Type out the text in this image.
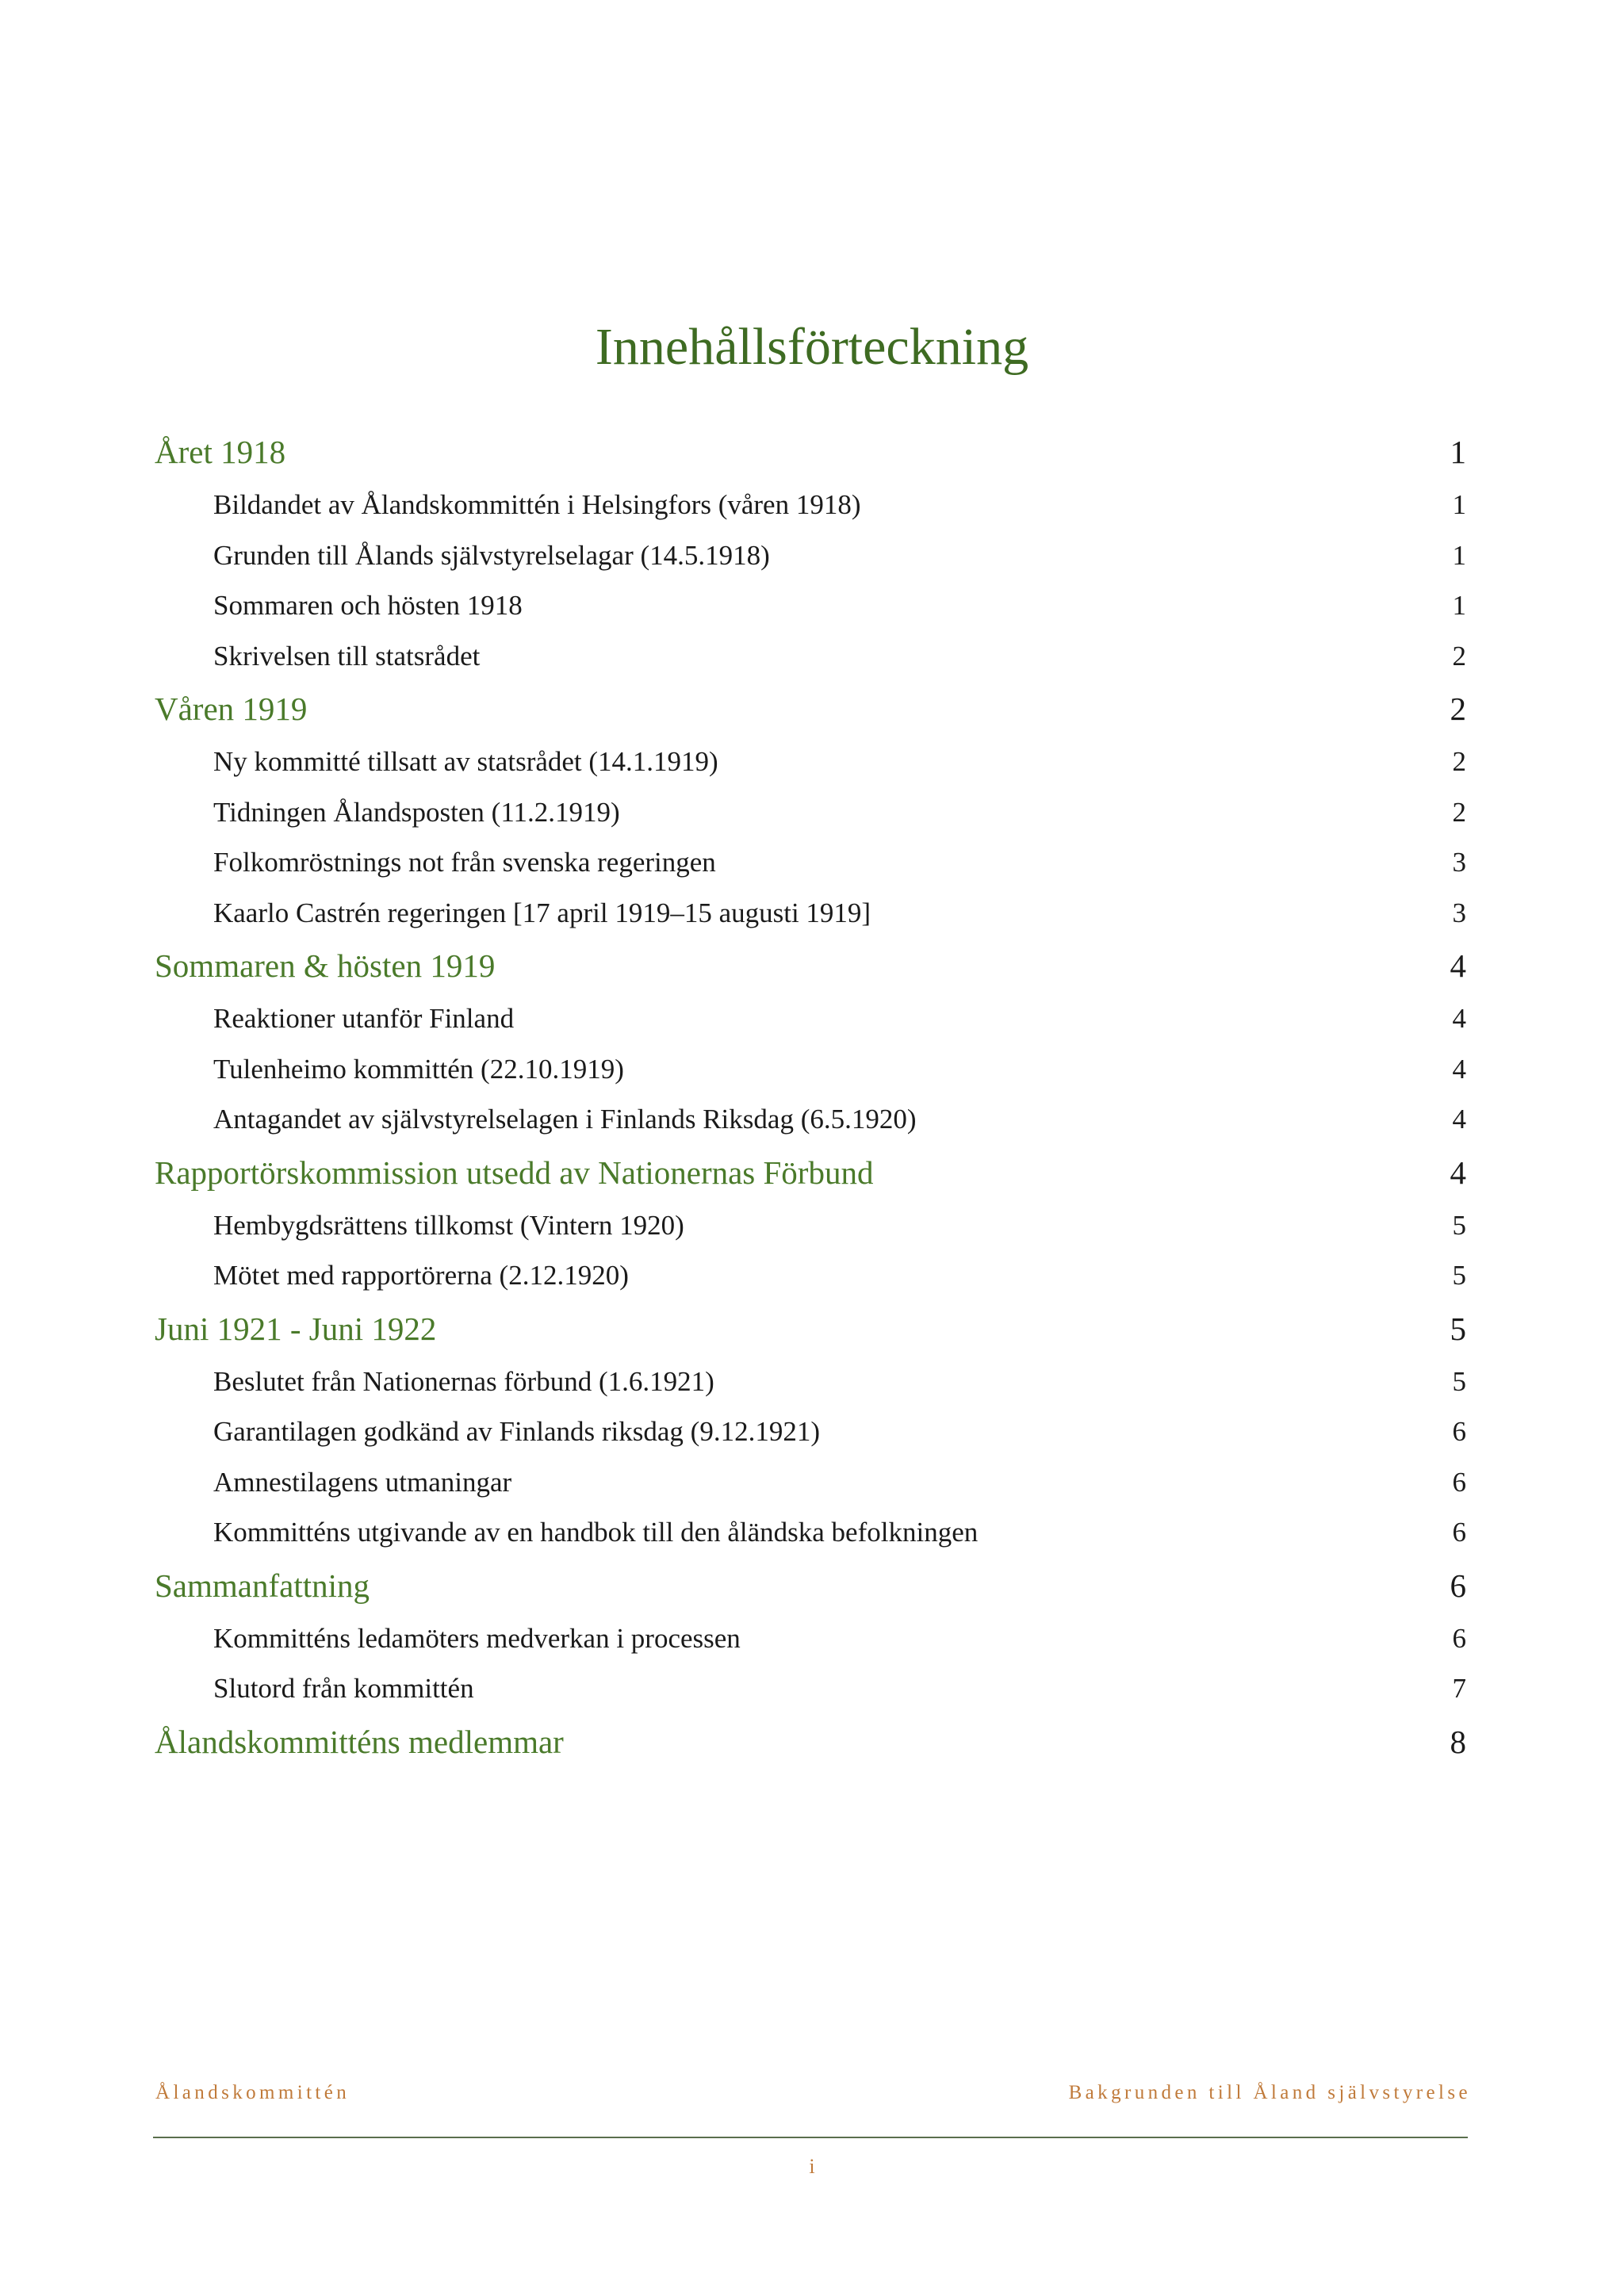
Innehållsförteckning
Året 1918	1
Bildandet av Ålandskommittén i Helsingfors (våren 1918)	1
Grunden till Ålands självstyrelselagar (14.5.1918)	1
Sommaren och hösten 1918	1
Skrivelsen till statsrådet	2
Våren 1919	2
Ny kommitté tillsatt av statsrådet (14.1.1919)	2
Tidningen Ålandsposten (11.2.1919)	2
Folkomröstnings not från svenska regeringen	3
Kaarlo Castrén regeringen [17 april 1919–15 augusti 1919]	3
Sommaren & hösten 1919	4
Reaktioner utanför Finland	4
Tulenheimo kommittén (22.10.1919)	4
Antagandet av självstyrelselagen i Finlands Riksdag (6.5.1920)	4
Rapportörskommission utsedd av Nationernas Förbund	4
Hembygdsrättens tillkomst (Vintern 1920)	5
Mötet med rapportörerna (2.12.1920)	5
Juni 1921 - Juni 1922	5
Beslutet från Nationernas förbund (1.6.1921)	5
Garantilagen godkänd av Finlands riksdag (9.12.1921)	6
Amnestilagens utmaningar	6
Kommitténs utgivande av en handbok till den åländska befolkningen	6
Sammanfattning	6
Kommitténs ledamöters medverkan i processen	6
Slutord från kommittén	7
Ålandskommitténs medlemmar	8
Ålandskommittén	Bakgrunden till Åland självstyrelse
i
